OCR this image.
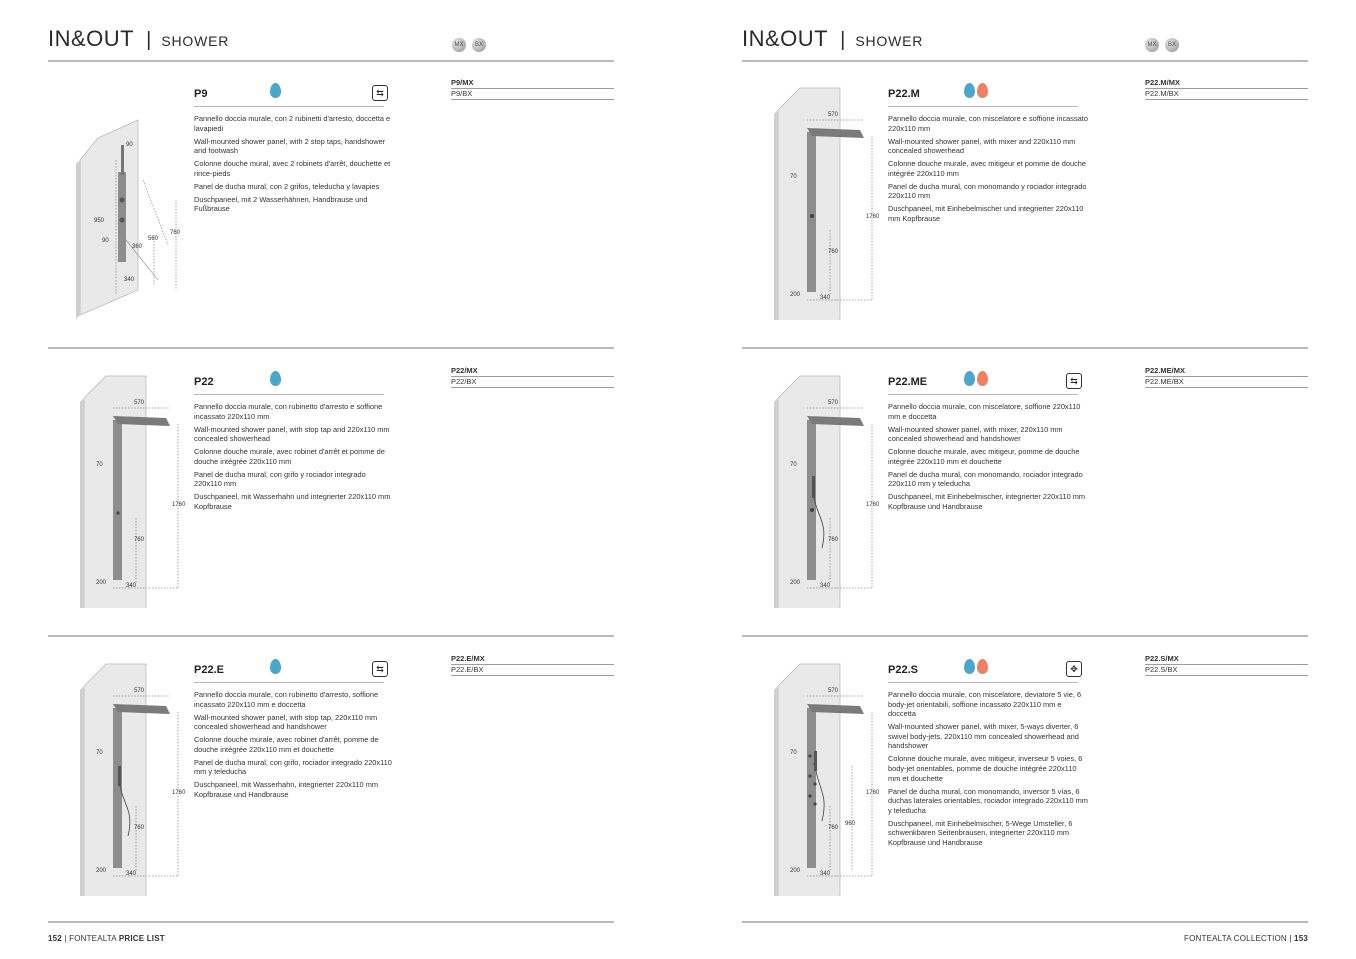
IN&OUT | SHOWER	MX	BX
90
950
90	560
360
760
340
P9	⇆

Pannello doccia murale, con 2 rubinetti d'arresto, doccetta e lavapiedi

Wall-mounted shower panel, with 2 stop taps, handshower and footwash

Colonne douche mural, avec 2 robinets d'arrêt, douchette et rince-pieds

Panel de ducha mural, con 2 grifos, teleducha y lavapies

Duschpaneel, mit 2 Wasserhähnen, Handbrause und Fußbrause

P9/MX
P9/BX
570
70
1760
760
200	340
P22

Pannello doccia murale, con rubinetto d'arresto e soffione incassato 220x110 mm

Wall-mounted shower panel, with stop tap and 220x110 mm concealed showerhead

Colonne douche murale, avec robinet d'arrêt et pomme de douche intégrée 220x110 mm

Panel de ducha mural, con grifo y rociador integrado 220x110 mm

Duschpaneel, mit Wasserhahn und integrierter 220x110 mm Kopfbrause

P22/MX
P22/BX
570
70
1760
760
200	340
P22.E	⇆

Pannello doccia murale, con rubinetto d'arresto, soffione incassato 220x110 mm e doccetta

Wall-mounted shower panel, with stop tap, 220x110 mm concealed showerhead and handshower

Colonne douche murale, avec robinet d'arrêt, pomme de douche intégrée 220x110 mm et douchette

Panel de ducha mural, con grifo, rociador integrado 220x110 mm y teleducha

Duschpaneel, mit Wasserhahn, integrierter 220x110 mm Kopfbrause und Handbrause

P22.E/MX
P22.E/BX
152 | FONTEALTA PRICE LIST
IN&OUT | SHOWER	MX	BX
570
70
1760
760
200	340
P22.M

Pannello doccia murale, con miscelatore e soffione incassato 220x110 mm

Wall-mounted shower panel, with mixer and 220x110 mm concealed showerhead

Colonne douche murale, avec mitigeur et pomme de douche intégrée 220x110 mm

Panel de ducha mural, con monomando y rociador integrado 220x110 mm

Duschpaneel, mit Einhebelmischer und integrierter 220x110 mm Kopfbrause

P22.M/MX
P22.M/BX
570
70
1760
760
200	340
P22.ME	⇆

Pannello doccia murale, con miscelatore, soffione 220x110 mm e doccetta

Wall-mounted shower panel, with mixer, 220x110 mm concealed showerhead and handshower

Colonne douche murale, avec mitigeur, pomme de douche intégrée 220x110 mm et douchette

Panel de ducha mural, con monomando, rociador integrado 220x110 mm y teleducha

Duschpaneel, mit Einhebelmischer, integrierter 220x110 mm Kopfbrause und Handbrause

P22.ME/MX
P22.ME/BX
570
70
1760
960
760
200	340
P22.S	✥

Pannello doccia murale, con miscelatore, deviatore 5 vie, 6 body-jet orientabili, soffione incassato 220x110 mm e doccetta

Wall-mounted shower panel, with mixer, 5-ways diverter, 6 swivel body-jets, 220x110 mm concealed showerhead and handshower

Colonne douche murale, avec mitigeur, inverseur 5 voies, 6 body-jet orientables, pomme de douche intégrée 220x110 mm et douchette

Panel de ducha mural, con monomando, inversor 5 vías, 6 duchas laterales orientables, rociador integrado 220x110 mm y teleducha

Duschpaneel, mit Einhebelmischer, 5-Wege Umsteller, 6 schwenkbaren Seitenbrausen, integrierter 220x110 mm Kopfbrause und Handbrause

P22.S/MX
P22.S/BX
FONTEALTA COLLECTION | 153
